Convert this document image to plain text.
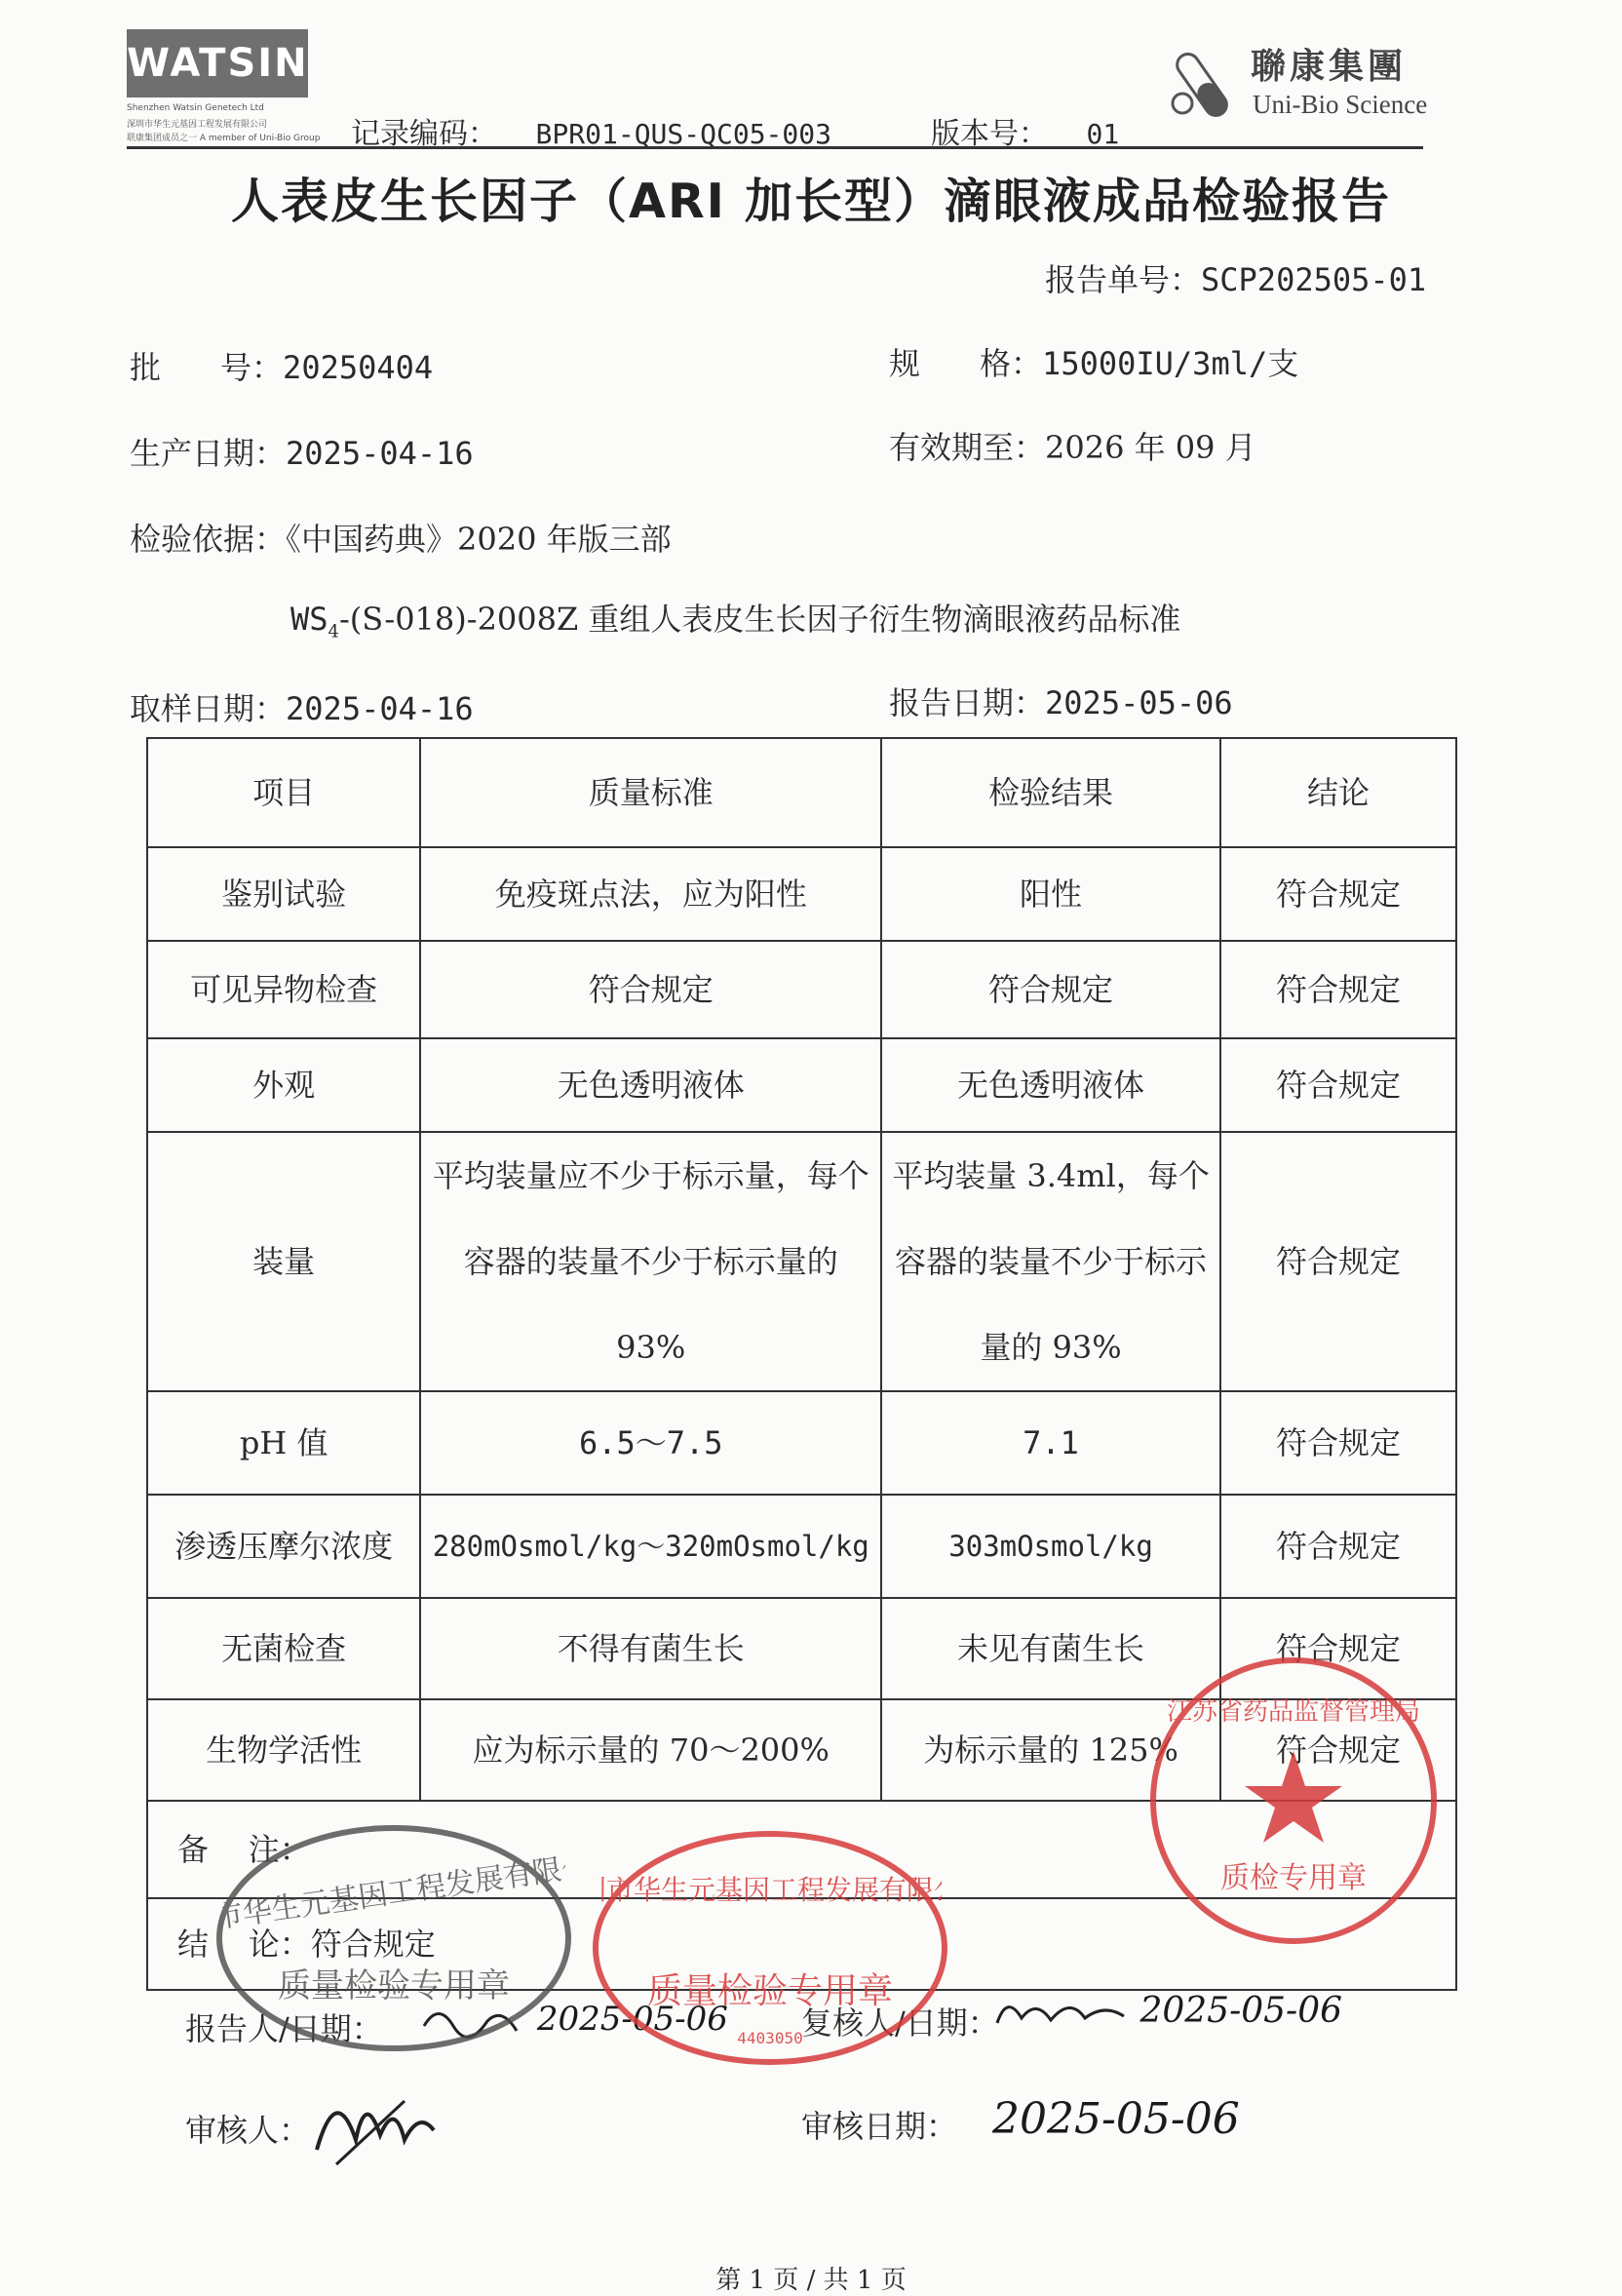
WATSIN
Shenzhen Watsin Genetech Ltd
深圳市华生元基因工程发展有限公司
联康集团成员之一 A member of Uni-Bio Group 记录编码： BPR01-QUS-QC05-003	版本号： 01
聯康集團
Uni-Bio Science
人表皮生长因子（ARI 加长型）滴眼液成品检验报告
报告单号：SCP202505-01
批      号：20250404	规      格：15000IU/3ml/支
生产日期：2025-04-16	有效期至：2026 年 09 月
检验依据：《中国药典》2020 年版三部
$WS_4-(S-018)-2008Z$ 重组人表皮生长因子衍生物滴眼液药品标准
取样日期：2025-04-16	报告日期：2025-05-06
项目	质量标准	检验结果	结论
鉴别试验	免疫斑点法，应为阳性	阳性	符合规定
可见异物检查	符合规定	符合规定	符合规定
外观	无色透明液体	无色透明液体	符合规定
装量	平均装量应不少于标示量，每个容器的装量不少于标示量的93%	平均装量 3.4ml，每个容器的装量不少于标示量的 93%	符合规定
pH 值	6.5～7.5	7.1	符合规定
渗透压摩尔浓度	280mOsmol/kg～320mOsmol/kg	303mOsmol/kg	符合规定
无菌检查	不得有菌生长	未见有菌生长	符合规定
生物学活性	应为标示量的 70～200%	为标示量的 125%	符合规定
备    注：			
结    论：符合规定			
报告人/日期：	2025-05-06 复核人/日期：	2025-05-06
审核人：	审核日期： 2025-05-06
深圳市华生元基因工程发展有限公司
质量检验专用章
市华生元基因工程发展有限
质量检验专用章
4403050
江苏省药品监督管理局
质检专用章
第 1 页 / 共 1 页
